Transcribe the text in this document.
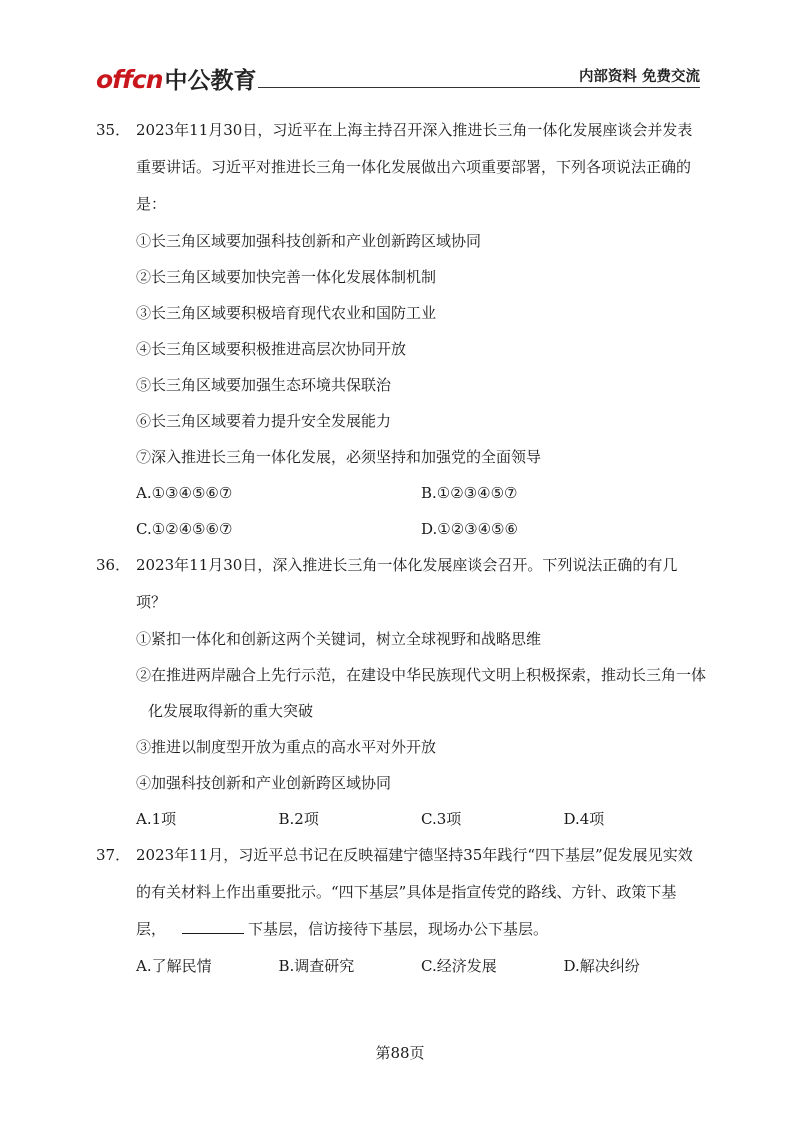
offcn 中公教育	内部资料 免费交流
35． 2023年11月30日，习近平在上海主持召开深入推进长三角一体化发展座谈会并发表重要讲话。习近平对推进长三角一体化发展做出六项重要部署，下列各项说法正确的是：

①长三角区域要加强科技创新和产业创新跨区域协同

②长三角区域要加快完善一体化发展体制机制

③长三角区域要积极培育现代农业和国防工业

④长三角区域要积极推进高层次协同开放

⑤长三角区域要加强生态环境共保联治

⑥长三角区域要着力提升安全发展能力

⑦深入推进长三角一体化发展，必须坚持和加强党的全面领导

A.①③④⑤⑥⑦	B.①②③④⑤⑦
C.①②④⑤⑥⑦	D.①②③④⑤⑥
36． 2023年11月30日，深入推进长三角一体化发展座谈会召开。下列说法正确的有几项？

①紧扣一体化和创新这两个关键词，树立全球视野和战略思维

②在推进两岸融合上先行示范，在建设中华民族现代文明上积极探索，推动长三角一体化发展取得新的重大突破

③推进以制度型开放为重点的高水平对外开放

④加强科技创新和产业创新跨区域协同

A.1项	B.2项	C.3项	D.4项
37． 2023年11月，习近平总书记在反映福建宁德坚持35年践行“四下基层”促发展见实效的有关材料上作出重要批示。“四下基层”具体是指宣传党的路线、方针、政策下基层，	下基层，信访接待下基层，现场办公下基层。

A.了解民情	B.调查研究	C.经济发展	D.解决纠纷
第88页
